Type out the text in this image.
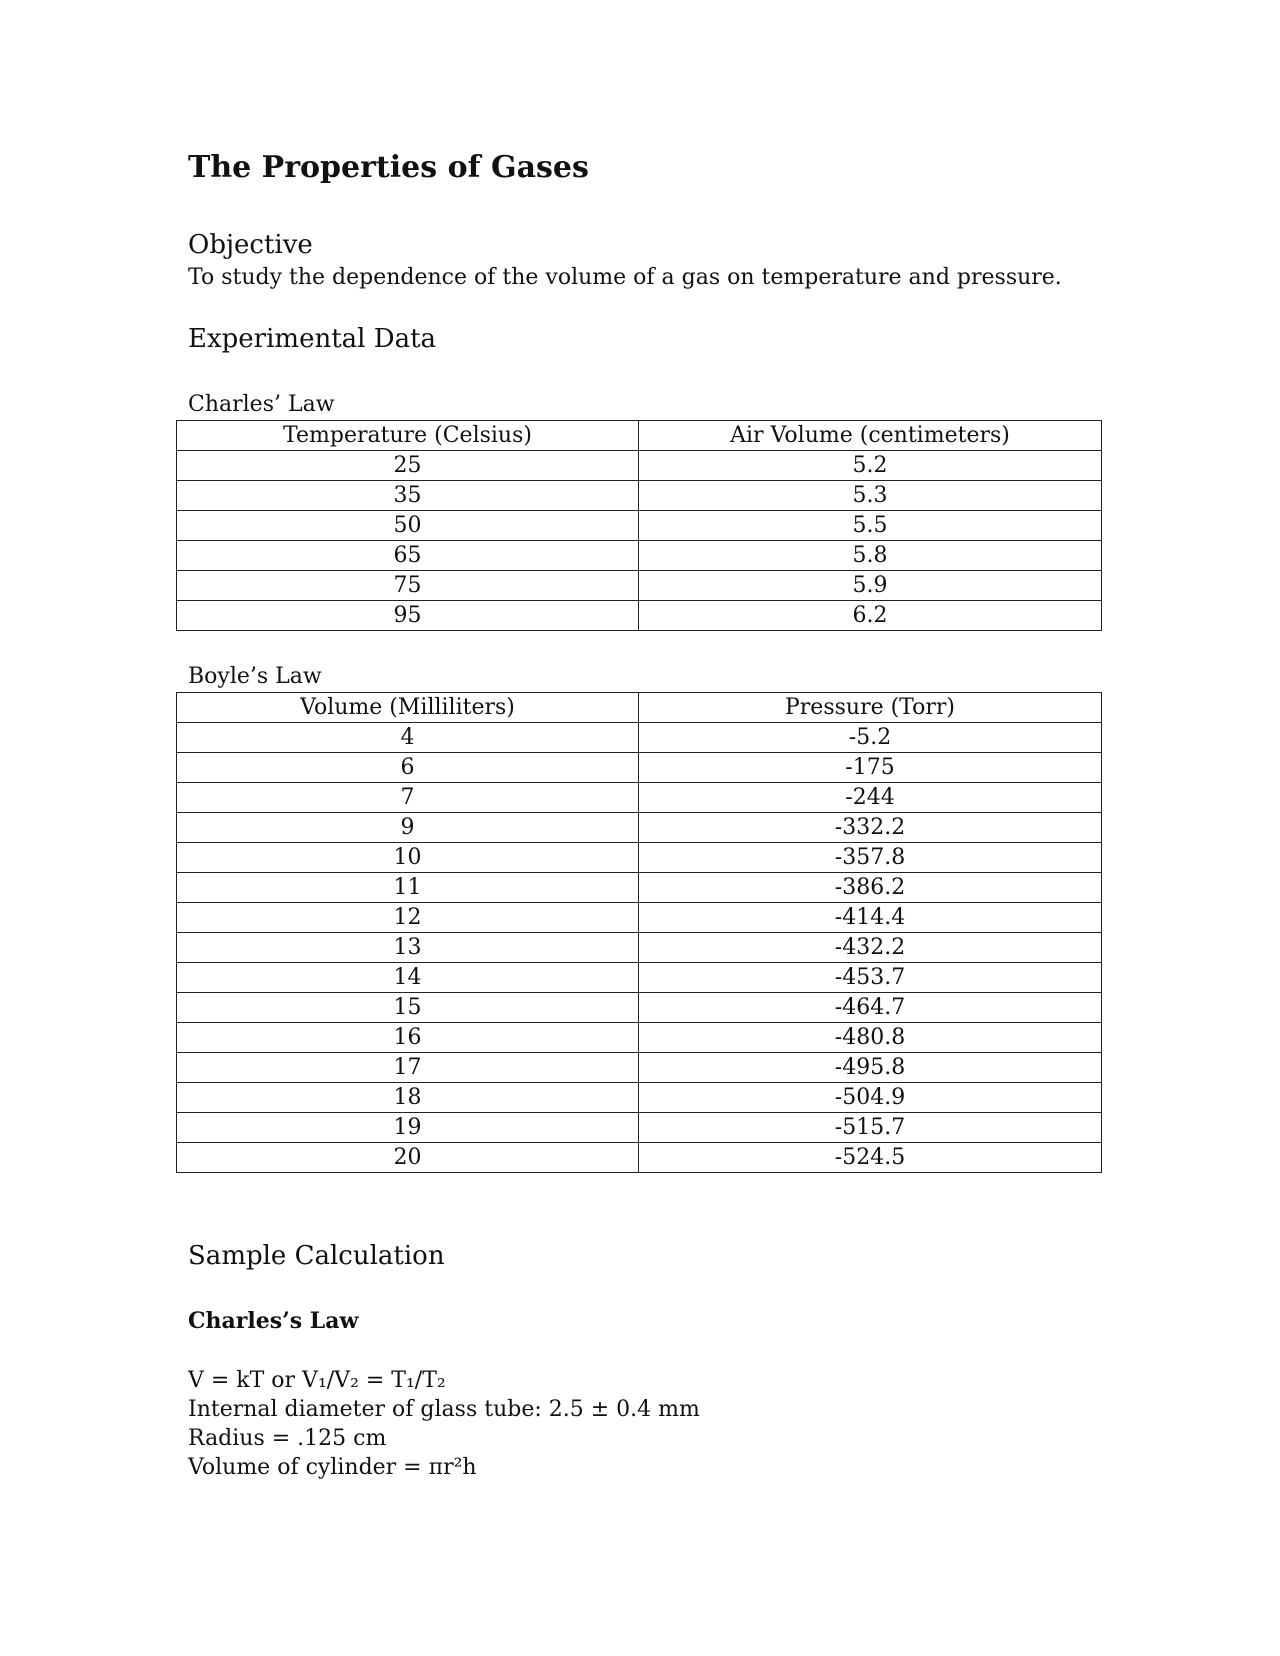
The Properties of Gases
Objective
To study the dependence of the volume of a gas on temperature and pressure.
Experimental Data
Charles’ Law
Temperature (Celsius)	Air Volume (centimeters)
25	5.2
35	5.3
50	5.5
65	5.8
75	5.9
95	6.2
Boyle’s Law
Volume (Milliliters)	Pressure (Torr)
4	-5.2
6	-175
7	-244
9	-332.2
10	-357.8
11	-386.2
12	-414.4
13	-432.2
14	-453.7
15	-464.7
16	-480.8
17	-495.8
18	-504.9
19	-515.7
20	-524.5
Sample Calculation
Charles’s Law
V = kT or V₁/V₂ = T₁/T₂
Internal diameter of glass tube: 2.5 ± 0.4 mm
Radius = .125 cm
Volume of cylinder = πr²h
